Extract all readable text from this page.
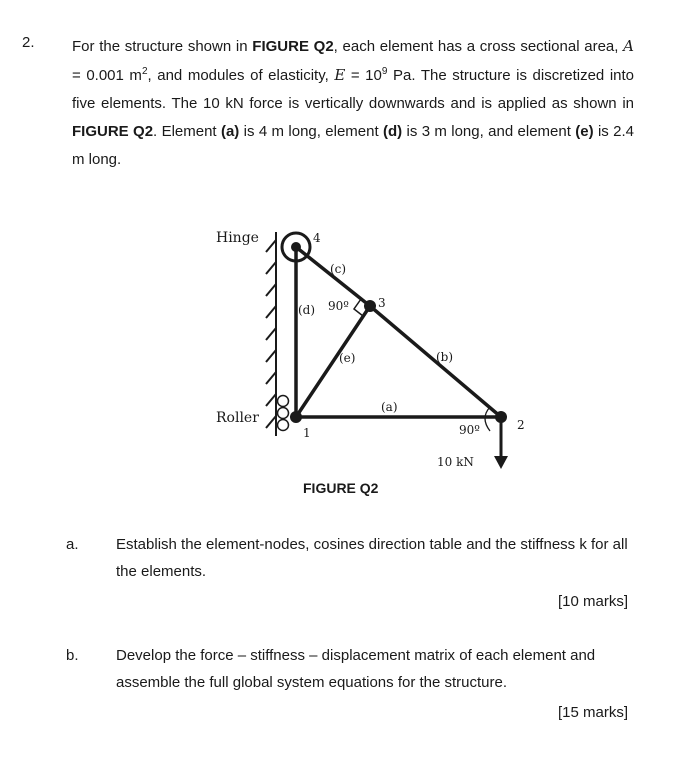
2. For the structure shown in FIGURE Q2, each element has a cross sectional area, A = 0.001 $m^2$, and modules of elasticity, $E = 10^9$ Pa. The structure is discretized into five elements. The 10 kN force is vertically downwards and is applied as shown in FIGURE Q2. Element (a) is 4 m long, element (d) is 3 m long, and element (e) is 2.4 m long.

Hinge
Roller
4
3
1
2
(c)
(d) 90º
(e)	(b)
(a)
90º
10 kN
FIGURE Q2
a. Establish the element-nodes, cosines direction table and the stiffness k for all the elements.

[10 marks]
b. Develop the force – stiffness – displacement matrix of each element and assemble the full global system equations for the structure.

[15 marks]
